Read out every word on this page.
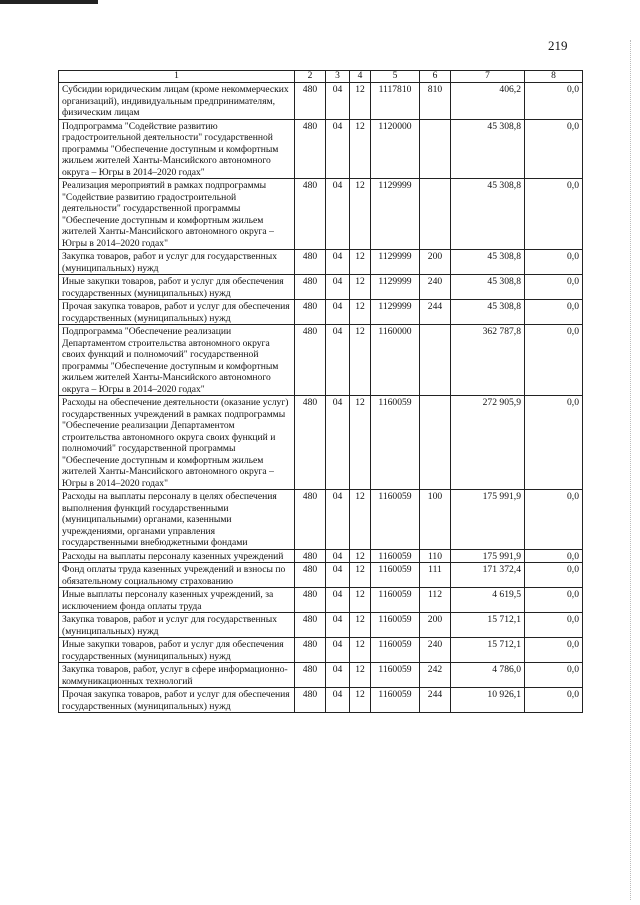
219
1	2	3	4	5	6	7	8
Субсидии юридическим лицам (кроме некоммерческих организаций), индивидуальным предпринимателям, физическим лицам	480	04	12	1117810	810	406,2	0,0
Подпрограмма "Содействие развитию градостроительной деятельности" государственной программы "Обеспечение доступным и комфортным жильем жителей Ханты-Мансийского автономного округа – Югры в 2014–2020 годах"	480	04	12	1120000		45 308,8	0,0
Реализация мероприятий в рамках подпрограммы "Содействие развитию градостроительной деятельности" государственной программы "Обеспечение доступным и комфортным жильем жителей Ханты-Мансийского автономного округа – Югры в 2014–2020 годах"	480	04	12	1129999		45 308,8	0,0
Закупка товаров, работ и услуг для государственных (муниципальных) нужд	480	04	12	1129999	200	45 308,8	0,0
Иные закупки товаров, работ и услуг для обеспечения государственных (муниципальных) нужд	480	04	12	1129999	240	45 308,8	0,0
Прочая закупка товаров, работ и услуг для обеспечения государственных (муниципальных) нужд	480	04	12	1129999	244	45 308,8	0,0
Подпрограмма "Обеспечение реализации Департаментом строительства автономного округа своих функций и полномочий" государственной программы "Обеспечение доступным и комфортным жильем жителей Ханты-Мансийского автономного округа – Югры в 2014–2020 годах"	480	04	12	1160000		362 787,8	0,0
Расходы на обеспечение деятельности (оказание услуг) государственных учреждений в рамках подпрограммы "Обеспечение реализации Департаментом строительства автономного округа своих функций и полномочий" государственной программы "Обеспечение доступным и комфортным жильем жителей Ханты-Мансийского автономного округа – Югры в 2014–2020 годах"	480	04	12	1160059		272 905,9	0,0
Расходы на выплаты персоналу в целях обеспечения выполнения функций государственными (муниципальными) органами, казенными учреждениями, органами управления государственными внебюджетными фондами	480	04	12	1160059	100	175 991,9	0,0
Расходы на выплаты персоналу казенных учреждений	480	04	12	1160059	110	175 991,9	0,0
Фонд оплаты труда казенных учреждений и взносы по обязательному социальному страхованию	480	04	12	1160059	111	171 372,4	0,0
Иные выплаты персоналу казенных учреждений, за исключением фонда оплаты труда	480	04	12	1160059	112	4 619,5	0,0
Закупка товаров, работ и услуг для государственных (муниципальных) нужд	480	04	12	1160059	200	15 712,1	0,0
Иные закупки товаров, работ и услуг для обеспечения государственных (муниципальных) нужд	480	04	12	1160059	240	15 712,1	0,0
Закупка товаров, работ, услуг в сфере информационно-коммуникационных технологий	480	04	12	1160059	242	4 786,0	0,0
Прочая закупка товаров, работ и услуг для обеспечения государственных (муниципальных) нужд	480	04	12	1160059	244	10 926,1	0,0
